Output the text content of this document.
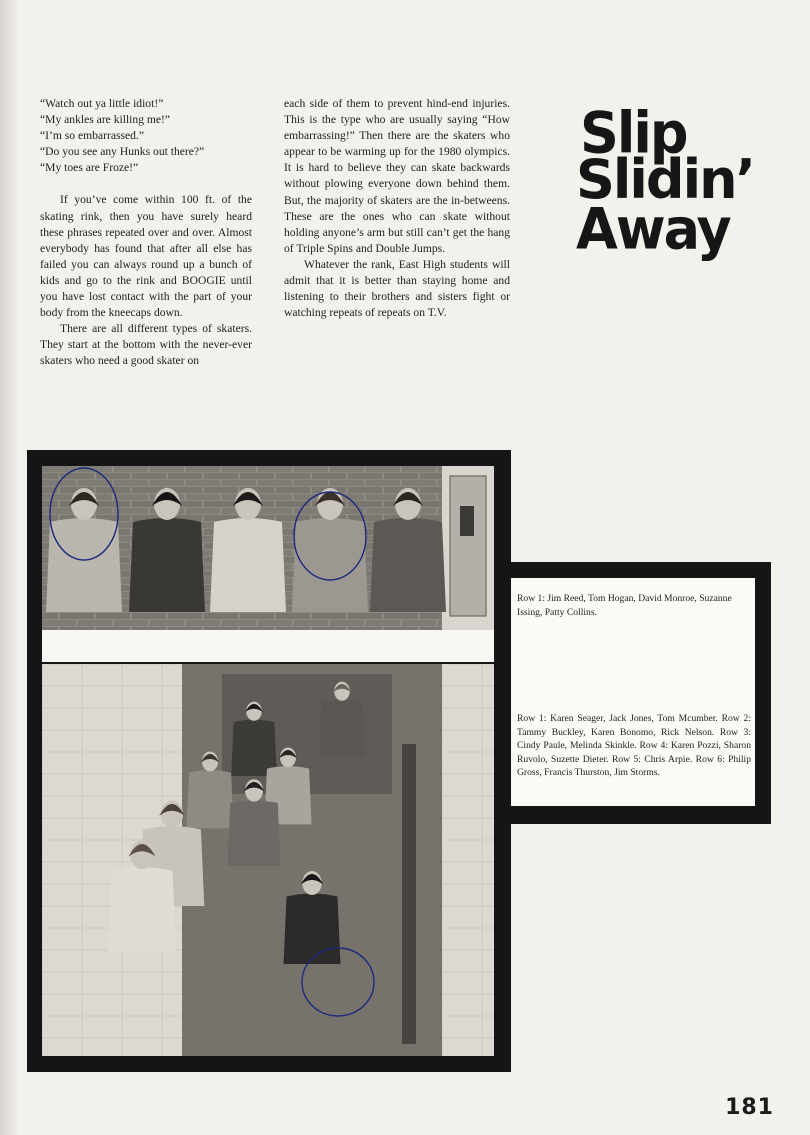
“Watch out ya little idiot!”

“My ankles are killing me!”

“I’m so embarrassed.”

“Do you see any Hunks out there?”

“My toes are Froze!”

If you’ve come within 100 ft. of the skating rink, then you have surely heard these phrases repeated over and over. Almost everybody has found that after all else has failed you can always round up a bunch of kids and go to the rink and BOOGIE until you have lost contact with the part of your body from the kneecaps down.

There are all different types of skaters. They start at the bottom with the never-ever skaters who need a good skater on

each side of them to prevent hind-end injuries. This is the type who are usually saying “How embarrassing!” Then there are the skaters who appear to be warming up for the 1980 olympics. It is hard to believe they can skate backwards without plowing everyone down behind them. But, the majority of skaters are the in-betweens. These are the ones who can skate without holding anyone’s arm but still can’t get the hang of Triple Spins and Double Jumps.

Whatever the rank, East High students will admit that it is better than staying home and listening to their brothers and sisters fight or watching repeats of repeats on T.V.

Slip
Slidin’
Away
Row 1: Jim Reed, Tom Hogan, David Monroe, Suzanne Issing, Patty Collins.
Row 1: Karen Seager, Jack Jones, Tom Mcumber. Row 2: Tammy Buckley, Karen Bonomo, Rick Nelson. Row 3: Cindy Paule, Melinda Skinkle. Row 4: Karen Pozzi, Sharon Ruvolo, Suzette Dieter. Row 5: Chris Arpie. Row 6: Philip Gross, Francis Thurston, Jim Storms.
181
